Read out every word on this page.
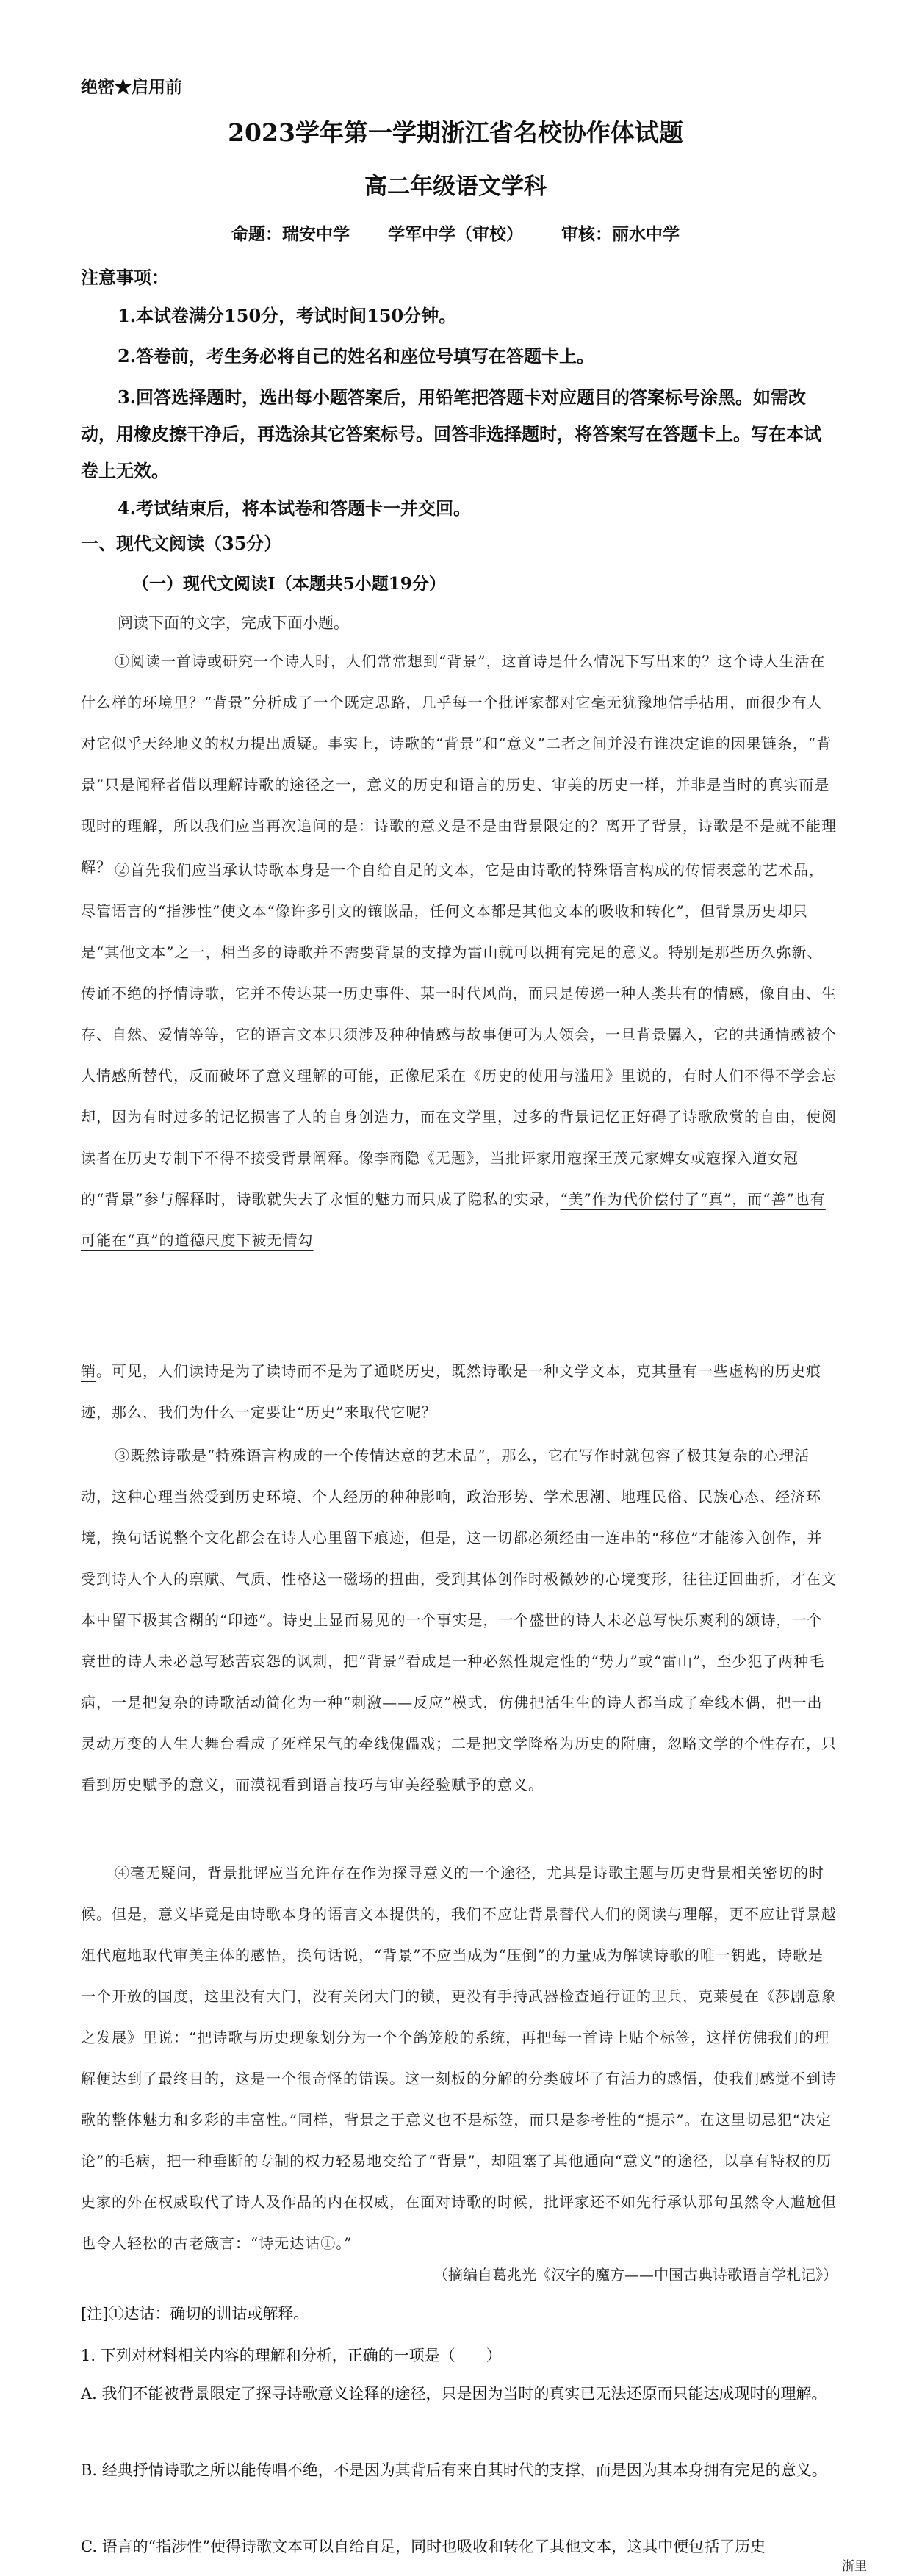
绝密★启用前
2023学年第一学期浙江省名校协作体试题
高二年级语文学科
命题：瑞安中学 学军中学（审校） 审核：丽水中学
注意事项：

1.本试卷满分150分，考试时间150分钟。

2.答卷前，考生务必将自己的姓名和座位号填写在答题卡上。

3.回答选择题时，选出每小题答案后，用铅笔把答题卡对应题目的答案标号涂黑。如需改动，用橡皮擦干净后，再选涂其它答案标号。回答非选择题时，将答案写在答题卡上。写在本试卷上无效。

4.考试结束后，将本试卷和答题卡一并交回。

一、现代文阅读（35分）
（一）现代文阅读Ⅰ（本题共5小题19分）
阅读下面的文字，完成下面小题。

①阅读一首诗或研究一个诗人时，人们常常想到“背景”，这首诗是什么情况下写出来的？这个诗人生活在什么样的环境里？“背景”分析成了一个既定思路，几乎每一个批评家都对它毫无犹豫地信手拈用，而很少有人对它似乎天经地义的权力提出质疑。事实上，诗歌的“背景”和“意义”二者之间并没有谁决定谁的因果链条，“背景”只是闻释者借以理解诗歌的途径之一，意义的历史和语言的历史、审美的历史一样，并非是当时的真实而是现时的理解，所以我们应当再次追问的是：诗歌的意义是不是由背景限定的？离开了背景，诗歌是不是就不能理解？ ②首先我们应当承认诗歌本身是一个自给自足的文本，它是由诗歌的特殊语言构成的传情表意的艺术品，尽管语言的“指涉性”使文本“像许多引文的镶嵌品，任何文本都是其他文本的吸收和转化”，但背景历史却只是“其他文本”之一，相当多的诗歌并不需要背景的支撑为雷山就可以拥有完足的意义。特别是那些历久弥新、传诵不绝的抒情诗歌，它并不传达某一历史事件、某一时代风尚，而只是传递一种人类共有的情感，像自由、生存、自然、爱情等等，它的语言文本只须涉及种种情感与故事便可为人领会，一旦背景羼入，它的共通情感被个人情感所替代，反而破坏了意义理解的可能，正像尼采在《历史的使用与滥用》里说的，有时人们不得不学会忘却，因为有时过多的记忆损害了人的自身创造力，而在文学里，过多的背景记忆正好碍了诗歌欣赏的自由，使阅读者在历史专制下不得不接受背景阐释。像李商隐《无题》，当批评家用寇探王茂元家婢女或寇探入道女冠的“背景”参与解释时，诗歌就失去了永恒的魅力而只成了隐私的实录，“美”作为代价偿付了“真”，而“善”也有可能在“真”的道德尺度下被无情勾

销。可见，人们读诗是为了读诗而不是为了通晓历史，既然诗歌是一种文学文本，克其量有一些虚构的历史痕迹，那么，我们为什么一定要让“历史”来取代它呢？

③既然诗歌是“特殊语言构成的一个传情达意的艺术品”，那么，它在写作时就包容了极其复杂的心理活动，这种心理当然受到历史环境、个人经历的种种影响，政治形势、学术思潮、地理民俗、民族心态、经济环境，换句话说整个文化都会在诗人心里留下痕迹，但是，这一切都必须经由一连串的“移位”才能渗入创作，并受到诗人个人的禀赋、气质、性格这一磁场的扭曲，受到其体创作时极微妙的心境变形，往往迂回曲折，才在文本中留下极其含糊的“印迹”。诗史上显而易见的一个事实是，一个盛世的诗人未必总写快乐爽利的颂诗，一个衰世的诗人未必总写愁苦哀怨的讽刺，把“背景”看成是一种必然性规定性的“势力”或“雷山”，至少犯了两种毛病，一是把复杂的诗歌活动简化为一种“刺激——反应”模式，仿佛把活生生的诗人都当成了牵线木偶，把一出灵动万变的人生大舞台看成了死样呆气的牵线傀儡戏；二是把文学降格为历史的附庸，忽略文学的个性存在，只看到历史赋予的意义，而漠视看到语言技巧与审美经验赋予的意义。

④毫无疑问，背景批评应当允许存在作为探寻意义的一个途径，尤其是诗歌主题与历史背景相关密切的时候。但是，意义毕竟是由诗歌本身的语言文本提供的，我们不应让背景替代人们的阅读与理解，更不应让背景越俎代庖地取代审美主体的感悟，换句话说，“背景”不应当成为“压倒”的力量成为解读诗歌的唯一钥匙，诗歌是一个开放的国度，这里没有大门，没有关闭大门的锁，更没有手持武器检查通行证的卫兵，克莱曼在《莎剧意象之发展》里说：“把诗歌与历史现象划分为一个个鸽笼般的系统，再把每一首诗上贴个标签，这样仿佛我们的理解便达到了最终目的，这是一个很奇怪的错误。这一刻板的分解的分类破坏了有活力的感悟，使我们感觉不到诗歌的整体魅力和多彩的丰富性。”同样，背景之于意义也不是标签，而只是参考性的“提示”。在这里切忌犯“决定论”的毛病，把一种垂断的专制的权力轻易地交给了“背景”，却阻塞了其他通向“意义”的途径，以享有特权的历史家的外在权威取代了诗人及作品的内在权威，在面对诗歌的时候，批评家还不如先行承认那句虽然令人尴尬但也令人轻松的古老箴言：“诗无达诂①。”

（摘编自葛兆光《汉字的魔方——中国古典诗歌语言学札记》）
[注]①达诂：确切的训诂或解释。

1. 下列对材料相关内容的理解和分析，正确的一项是（　　）

A. 我们不能被背景限定了探寻诗歌意义诠释的途径，只是因为当时的真实已无法还原而只能达成现时的理解。

B. 经典抒情诗歌之所以能传唱不绝，不是因为其背后有来自其时代的支撑，而是因为其本身拥有完足的意义。

C. 语言的“指涉性”使得诗歌文本可以自给自足，同时也吸收和转化了其他文本，这其中便包括了历史

浙里
